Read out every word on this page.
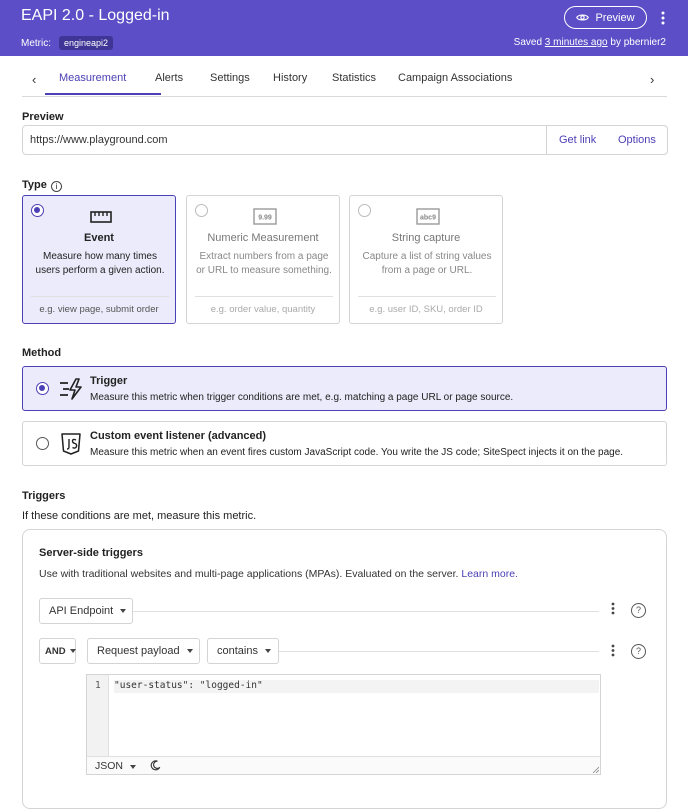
EAPI 2.0 - Logged-in
Metric:	engineapi2
Preview
Saved 3 minutes ago by pbernier2
‹ Measurement	Alerts Settings History Statistics Campaign Associations	›
Preview
https://www.playground.com	Get link Options
Type i
Event
Measure how many times users perform a given action.
e.g. view page, submit order
9.99
Numeric Measurement
Extract numbers from a page or URL to measure something.
e.g. order value, quantity
abc9
String capture
Capture a list of string values from a page or URL.
e.g. user ID, SKU, order ID
Method
Trigger
Measure this metric when trigger conditions are met, e.g. matching a page URL or page source.
Custom event listener (advanced)
Measure this metric when an event fires custom JavaScript code. You write the JS code; SiteSpect injects it on the page.
Triggers
If these conditions are met, measure this metric.
Server-side triggers
Use with traditional websites and multi-page applications (MPAs). Evaluated on the server. Learn more.
API Endpoint	?
AND	Request payload	contains	?
1 "user-status": "logged-in"
JSON
